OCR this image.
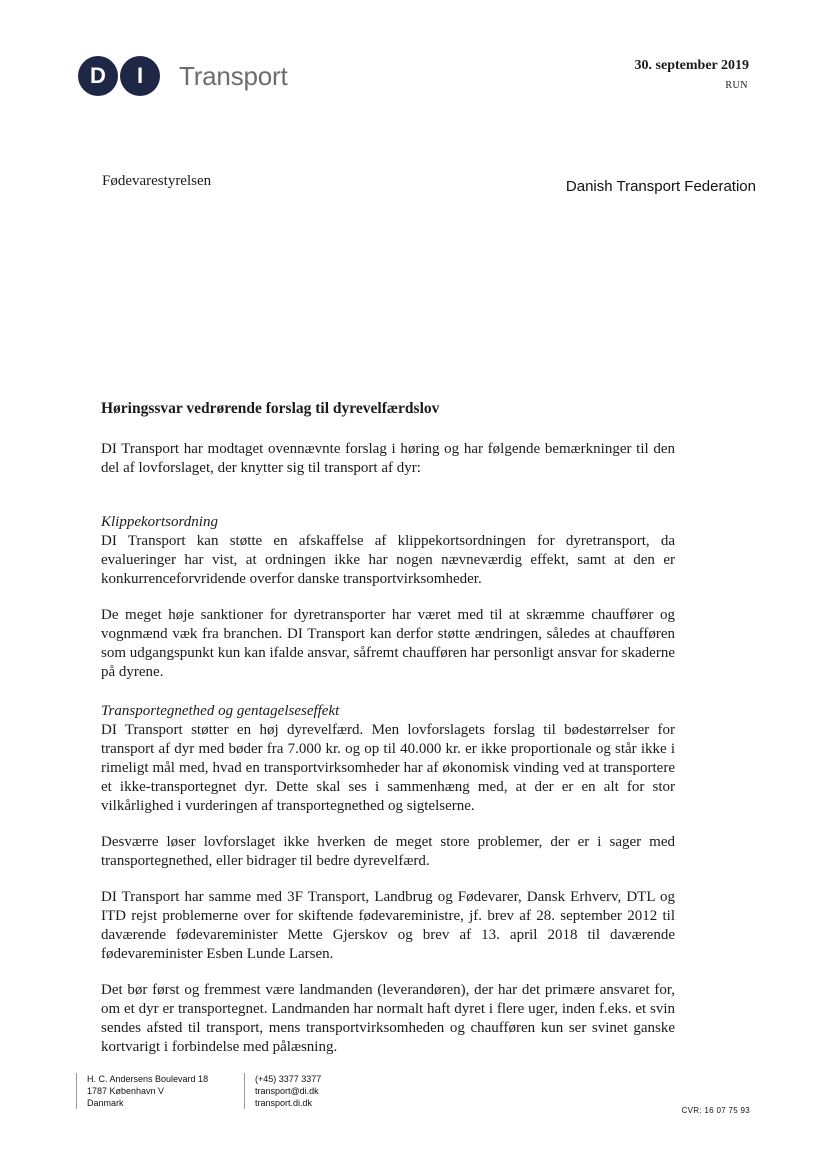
D	I	Transport	30. september 2019
RUN
Fødevarestyrelsen	Danish Transport Federation
Høringssvar vedrørende forslag til dyrevelfærdslov

DI Transport har modtaget ovennævnte forslag i høring og har følgende bemærkninger til den del af lovforslaget, der knytter sig til transport af dyr:

Klippekortsordning
DI Transport kan støtte en afskaffelse af klippekortsordningen for dyretransport, da evalueringer har vist, at ordningen ikke har nogen nævneværdig effekt, samt at den er konkurrenceforvridende overfor danske transportvirksomheder.

De meget høje sanktioner for dyretransporter har været med til at skræmme chauffører og vognmænd væk fra branchen. DI Transport kan derfor støtte ændringen, således at chaufføren som udgangspunkt kun kan ifalde ansvar, såfremt chaufføren har personligt ansvar for skaderne på dyrene.

Transportegnethed og gentagelseseffekt
DI Transport støtter en høj dyrevelfærd. Men lovforslagets forslag til bødestørrelser for transport af dyr med bøder fra 7.000 kr. og op til 40.000 kr. er ikke proportionale og står ikke i rimeligt mål med, hvad en transportvirksomheder har af økonomisk vinding ved at transportere et ikke-transportegnet dyr. Dette skal ses i sammenhæng med, at der er en alt for stor vilkårlighed i vurderingen af transportegnethed og sigtelserne.

Desværre løser lovforslaget ikke hverken de meget store problemer, der er i sager med transportegnethed, eller bidrager til bedre dyrevelfærd.

DI Transport har samme med 3F Transport, Landbrug og Fødevarer, Dansk Erhverv, DTL og ITD rejst problemerne over for skiftende fødevareministre, jf. brev af 28. september 2012 til daværende fødevareminister Mette Gjerskov og brev af 13. april 2018 til daværende fødevareminister Esben Lunde Larsen.

Det bør først og fremmest være landmanden (leverandøren), der har det primære ansvaret for, om et dyr er transportegnet. Landmanden har normalt haft dyret i flere uger, inden f.eks. et svin sendes afsted til transport, mens transportvirksomheden og chaufføren kun ser svinet ganske kortvarigt i forbindelse med pålæsning.

H. C. Andersens Boulevard 18
1787 København V
Danmark
(+45) 3377 3377
transport@di.dk
transport.di.dk
CVR: 16 07 75 93
